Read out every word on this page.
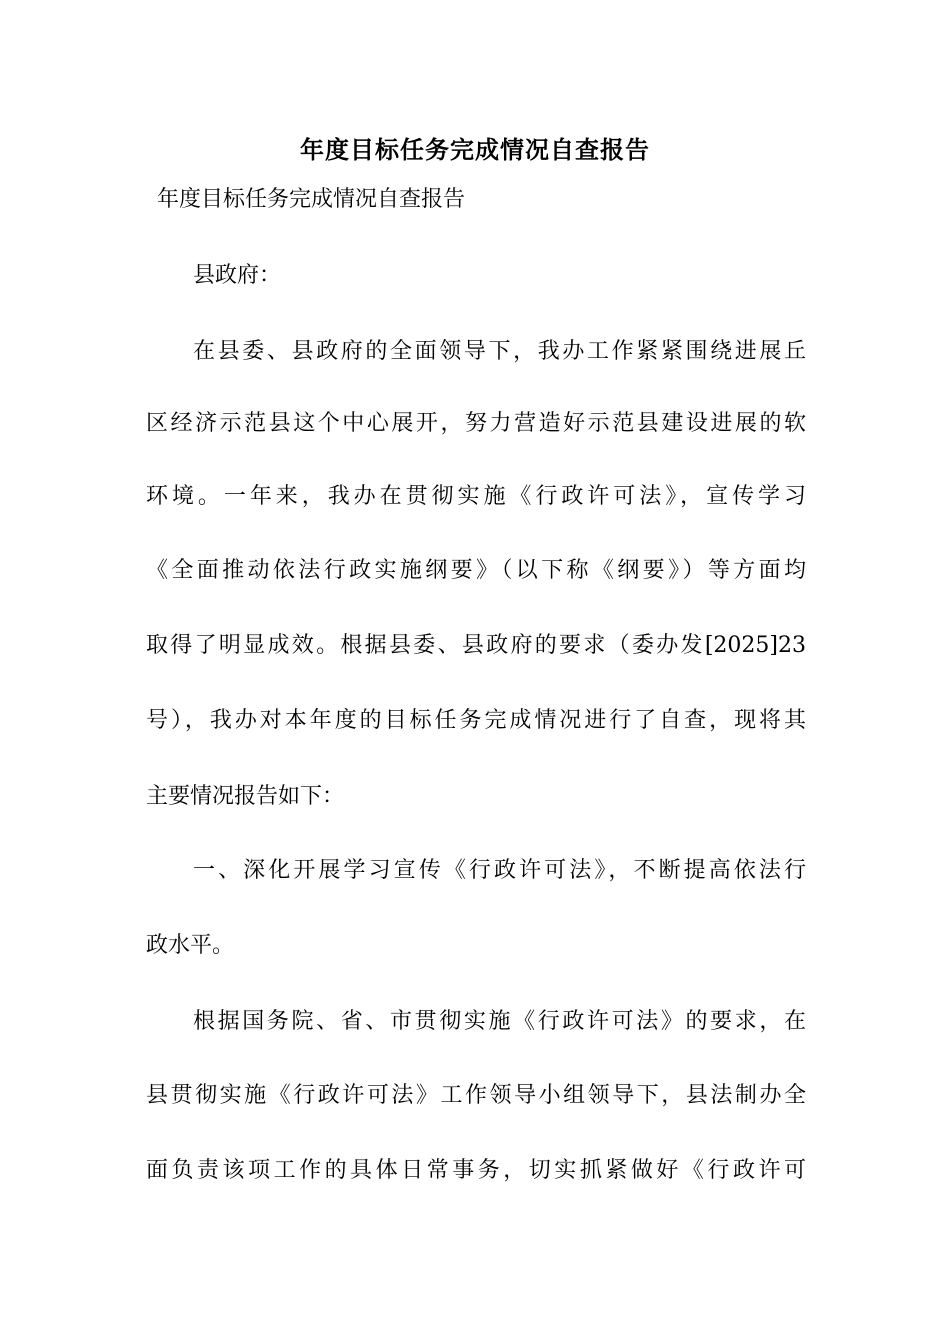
年度目标任务完成情况自查报告
年度目标任务完成情况自查报告
县政府：
在县委、县政府的全面领导下，我办工作紧紧围绕进展丘
区经济示范县这个中心展开，努力营造好示范县建设进展的软
环境。一年来，我办在贯彻实施《行政许可法》，宣传学习
《全面推动依法行政实施纲要》（以下称《纲要》）等方面均
取得了明显成效。根据县委、县政府的要求（委办发[2025]23
号），我办对本年度的目标任务完成情况进行了自查，现将其
主要情况报告如下：
一、深化开展学习宣传《行政许可法》，不断提高依法行
政水平。
根据国务院、省、市贯彻实施《行政许可法》的要求，在
县贯彻实施《行政许可法》工作领导小组领导下，县法制办全
面负责该项工作的具体日常事务，切实抓紧做好《行政许可
